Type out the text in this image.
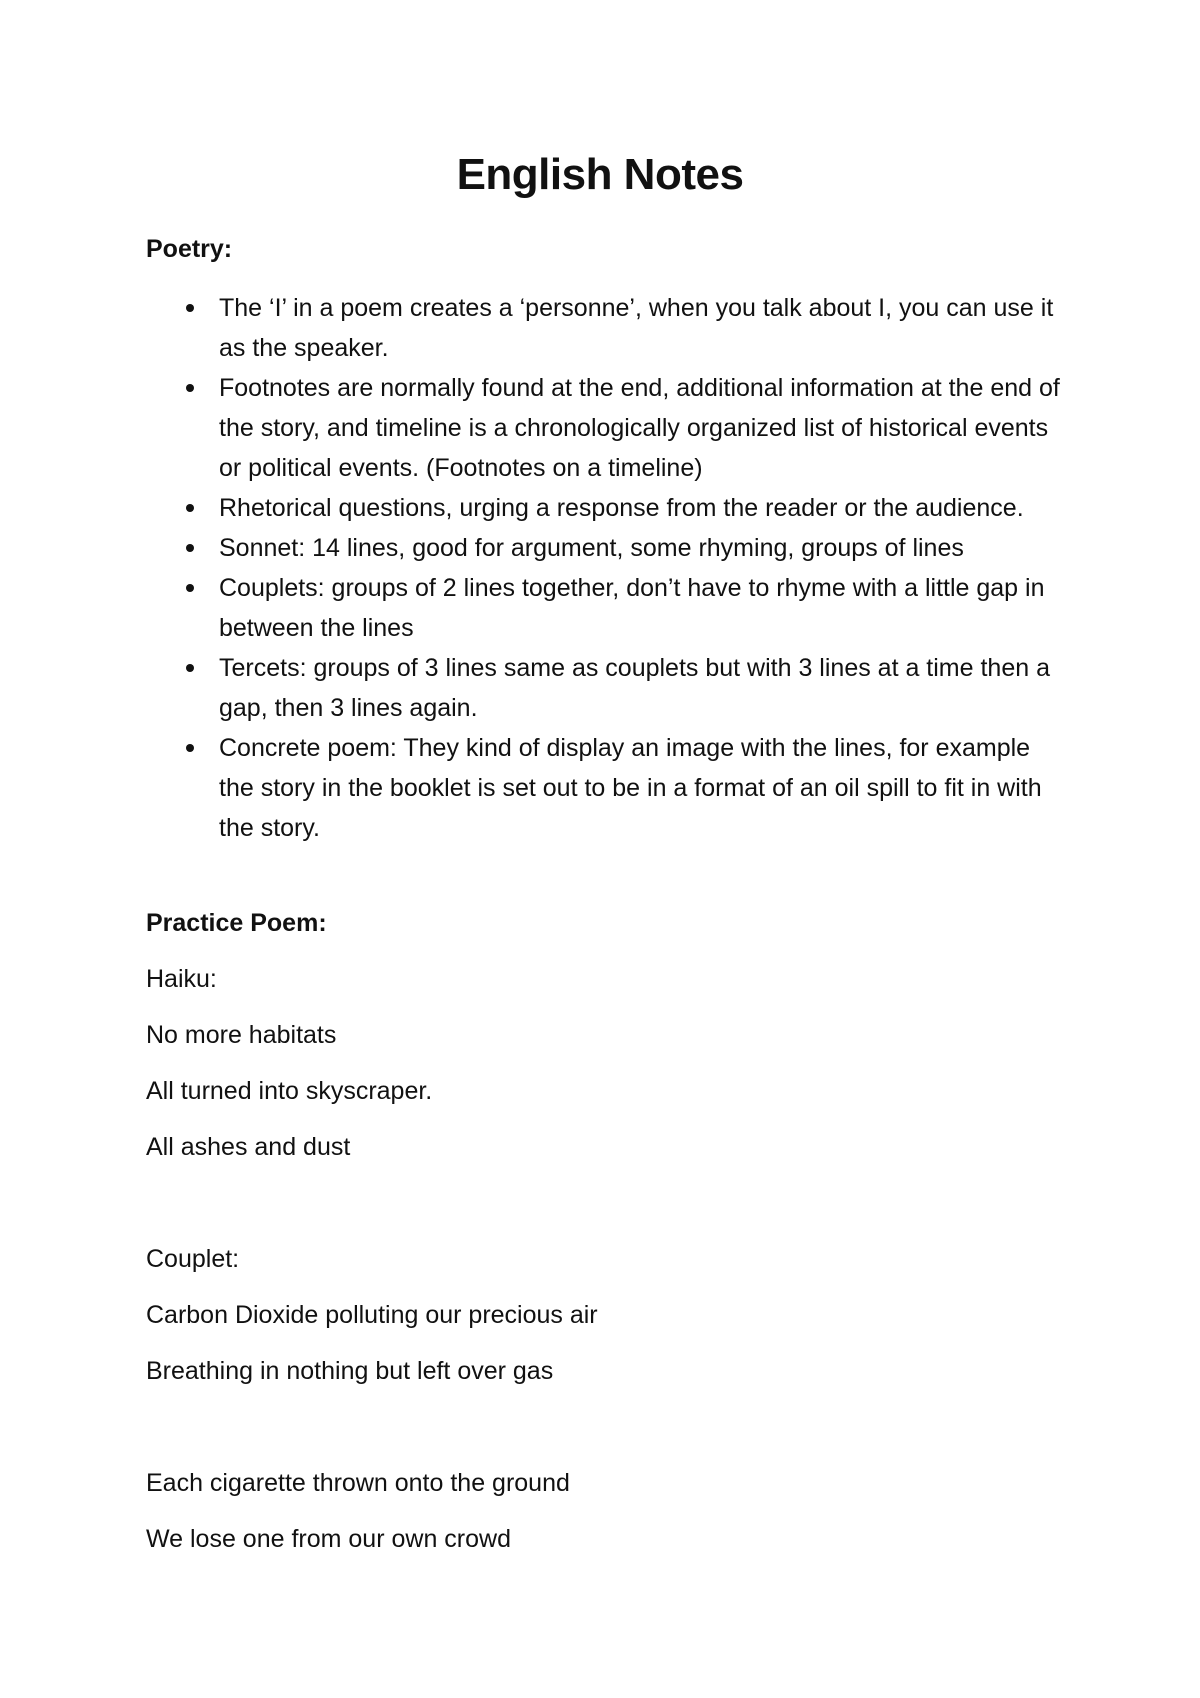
English Notes
Poetry:
The ‘I’ in a poem creates a ‘personne’, when you talk about I, you can use it as the speaker.
Footnotes are normally found at the end, additional information at the end of the story, and timeline is a chronologically organized list of historical events or political events. (Footnotes on a timeline)
Rhetorical questions, urging a response from the reader or the audience.
Sonnet: 14 lines, good for argument, some rhyming, groups of lines
Couplets: groups of 2 lines together, don’t have to rhyme with a little gap in between the lines
Tercets: groups of 3 lines same as couplets but with 3 lines at a time then a gap, then 3 lines again.
Concrete poem: They kind of display an image with the lines, for example the story in the booklet is set out to be in a format of an oil spill to fit in with the story.
Practice Poem:
Haiku:
No more habitats
All turned into skyscraper.
All ashes and dust
Couplet:
Carbon Dioxide polluting our precious air
Breathing in nothing but left over gas
Each cigarette thrown onto the ground
We lose one from our own crowd
